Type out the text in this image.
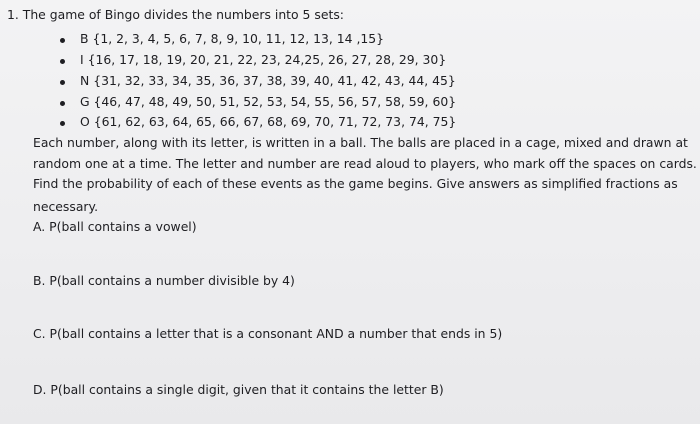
1. The game of Bingo divides the numbers into 5 sets:
B {1, 2, 3, 4, 5, 6, 7, 8, 9, 10, 11, 12, 13, 14 ,15}
I {16, 17, 18, 19, 20, 21, 22, 23, 24,25, 26, 27, 28, 29, 30}
N {31, 32, 33, 34, 35, 36, 37, 38, 39, 40, 41, 42, 43, 44, 45}
G {46, 47, 48, 49, 50, 51, 52, 53, 54, 55, 56, 57, 58, 59, 60}
O {61, 62, 63, 64, 65, 66, 67, 68, 69, 70, 71, 72, 73, 74, 75}
Each number, along with its letter, is written in a ball. The balls are placed in a cage, mixed and drawn at
random one at a time. The letter and number are read aloud to players, who mark off the spaces on cards.
Find the probability of each of these events as the game begins. Give answers as simplified fractions as
necessary.
A. P(ball contains a vowel)
B. P(ball contains a number divisible by 4)
C. P(ball contains a letter that is a consonant AND a number that ends in 5)
D. P(ball contains a single digit, given that it contains the letter B)
